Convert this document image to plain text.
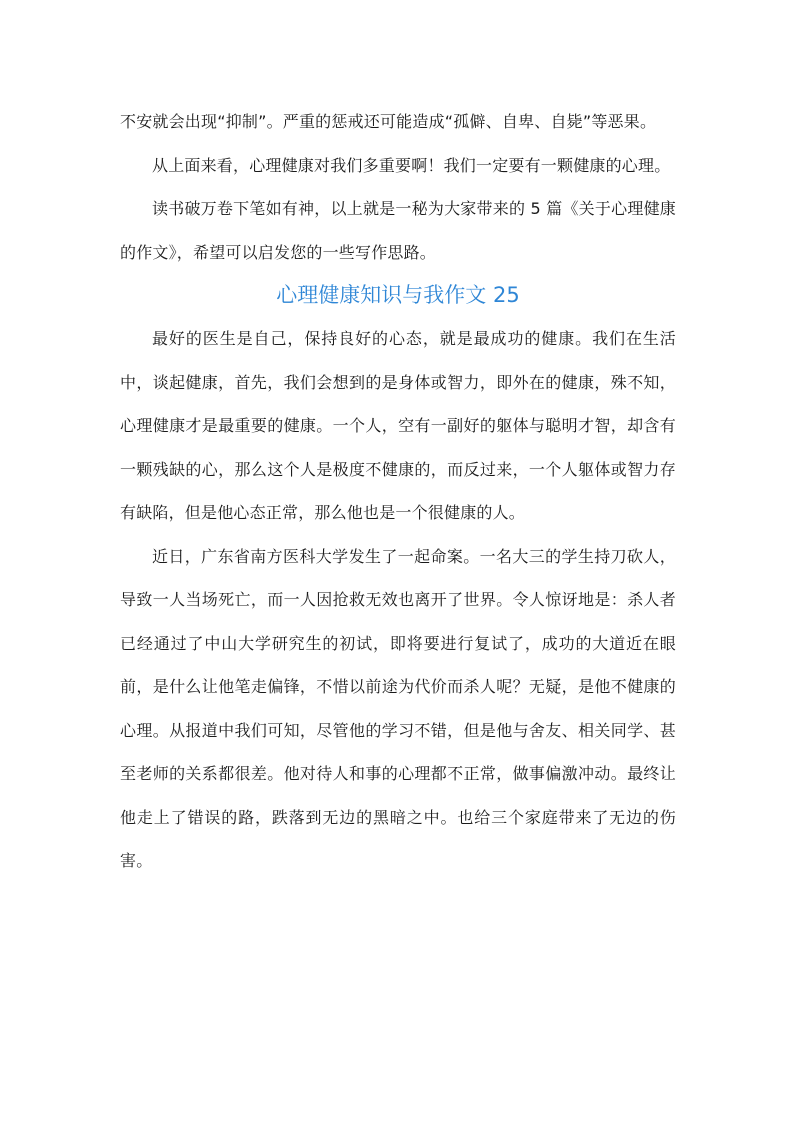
不安就会出现“抑制”。严重的惩戒还可能造成“孤僻、自卑、自毙”等恶果。

从上面来看，心理健康对我们多重要啊！我们一定要有一颗健康的心理。

读书破万卷下笔如有神，以上就是一秘为大家带来的 5 篇《关于心理健康的作文》，希望可以启发您的一些写作思路。

心理健康知识与我作文 25

最好的医生是自己，保持良好的心态，就是最成功的健康。我们在生活中，谈起健康，首先，我们会想到的是身体或智力，即外在的健康，殊不知，心理健康才是最重要的健康。一个人，空有一副好的躯体与聪明才智，却含有一颗残缺的心，那么这个人是极度不健康的，而反过来，一个人躯体或智力存有缺陷，但是他心态正常，那么他也是一个很健康的人。

近日，广东省南方医科大学发生了一起命案。一名大三的学生持刀砍人，导致一人当场死亡，而一人因抢救无效也离开了世界。令人惊讶地是：杀人者已经通过了中山大学研究生的初试，即将要进行复试了，成功的大道近在眼前，是什么让他笔走偏锋，不惜以前途为代价而杀人呢？无疑，是他不健康的心理。从报道中我们可知，尽管他的学习不错，但是他与舍友、相关同学、甚至老师的关系都很差。他对待人和事的心理都不正常，做事偏激冲动。最终让他走上了错误的路，跌落到无边的黑暗之中。也给三个家庭带来了无边的伤害。
